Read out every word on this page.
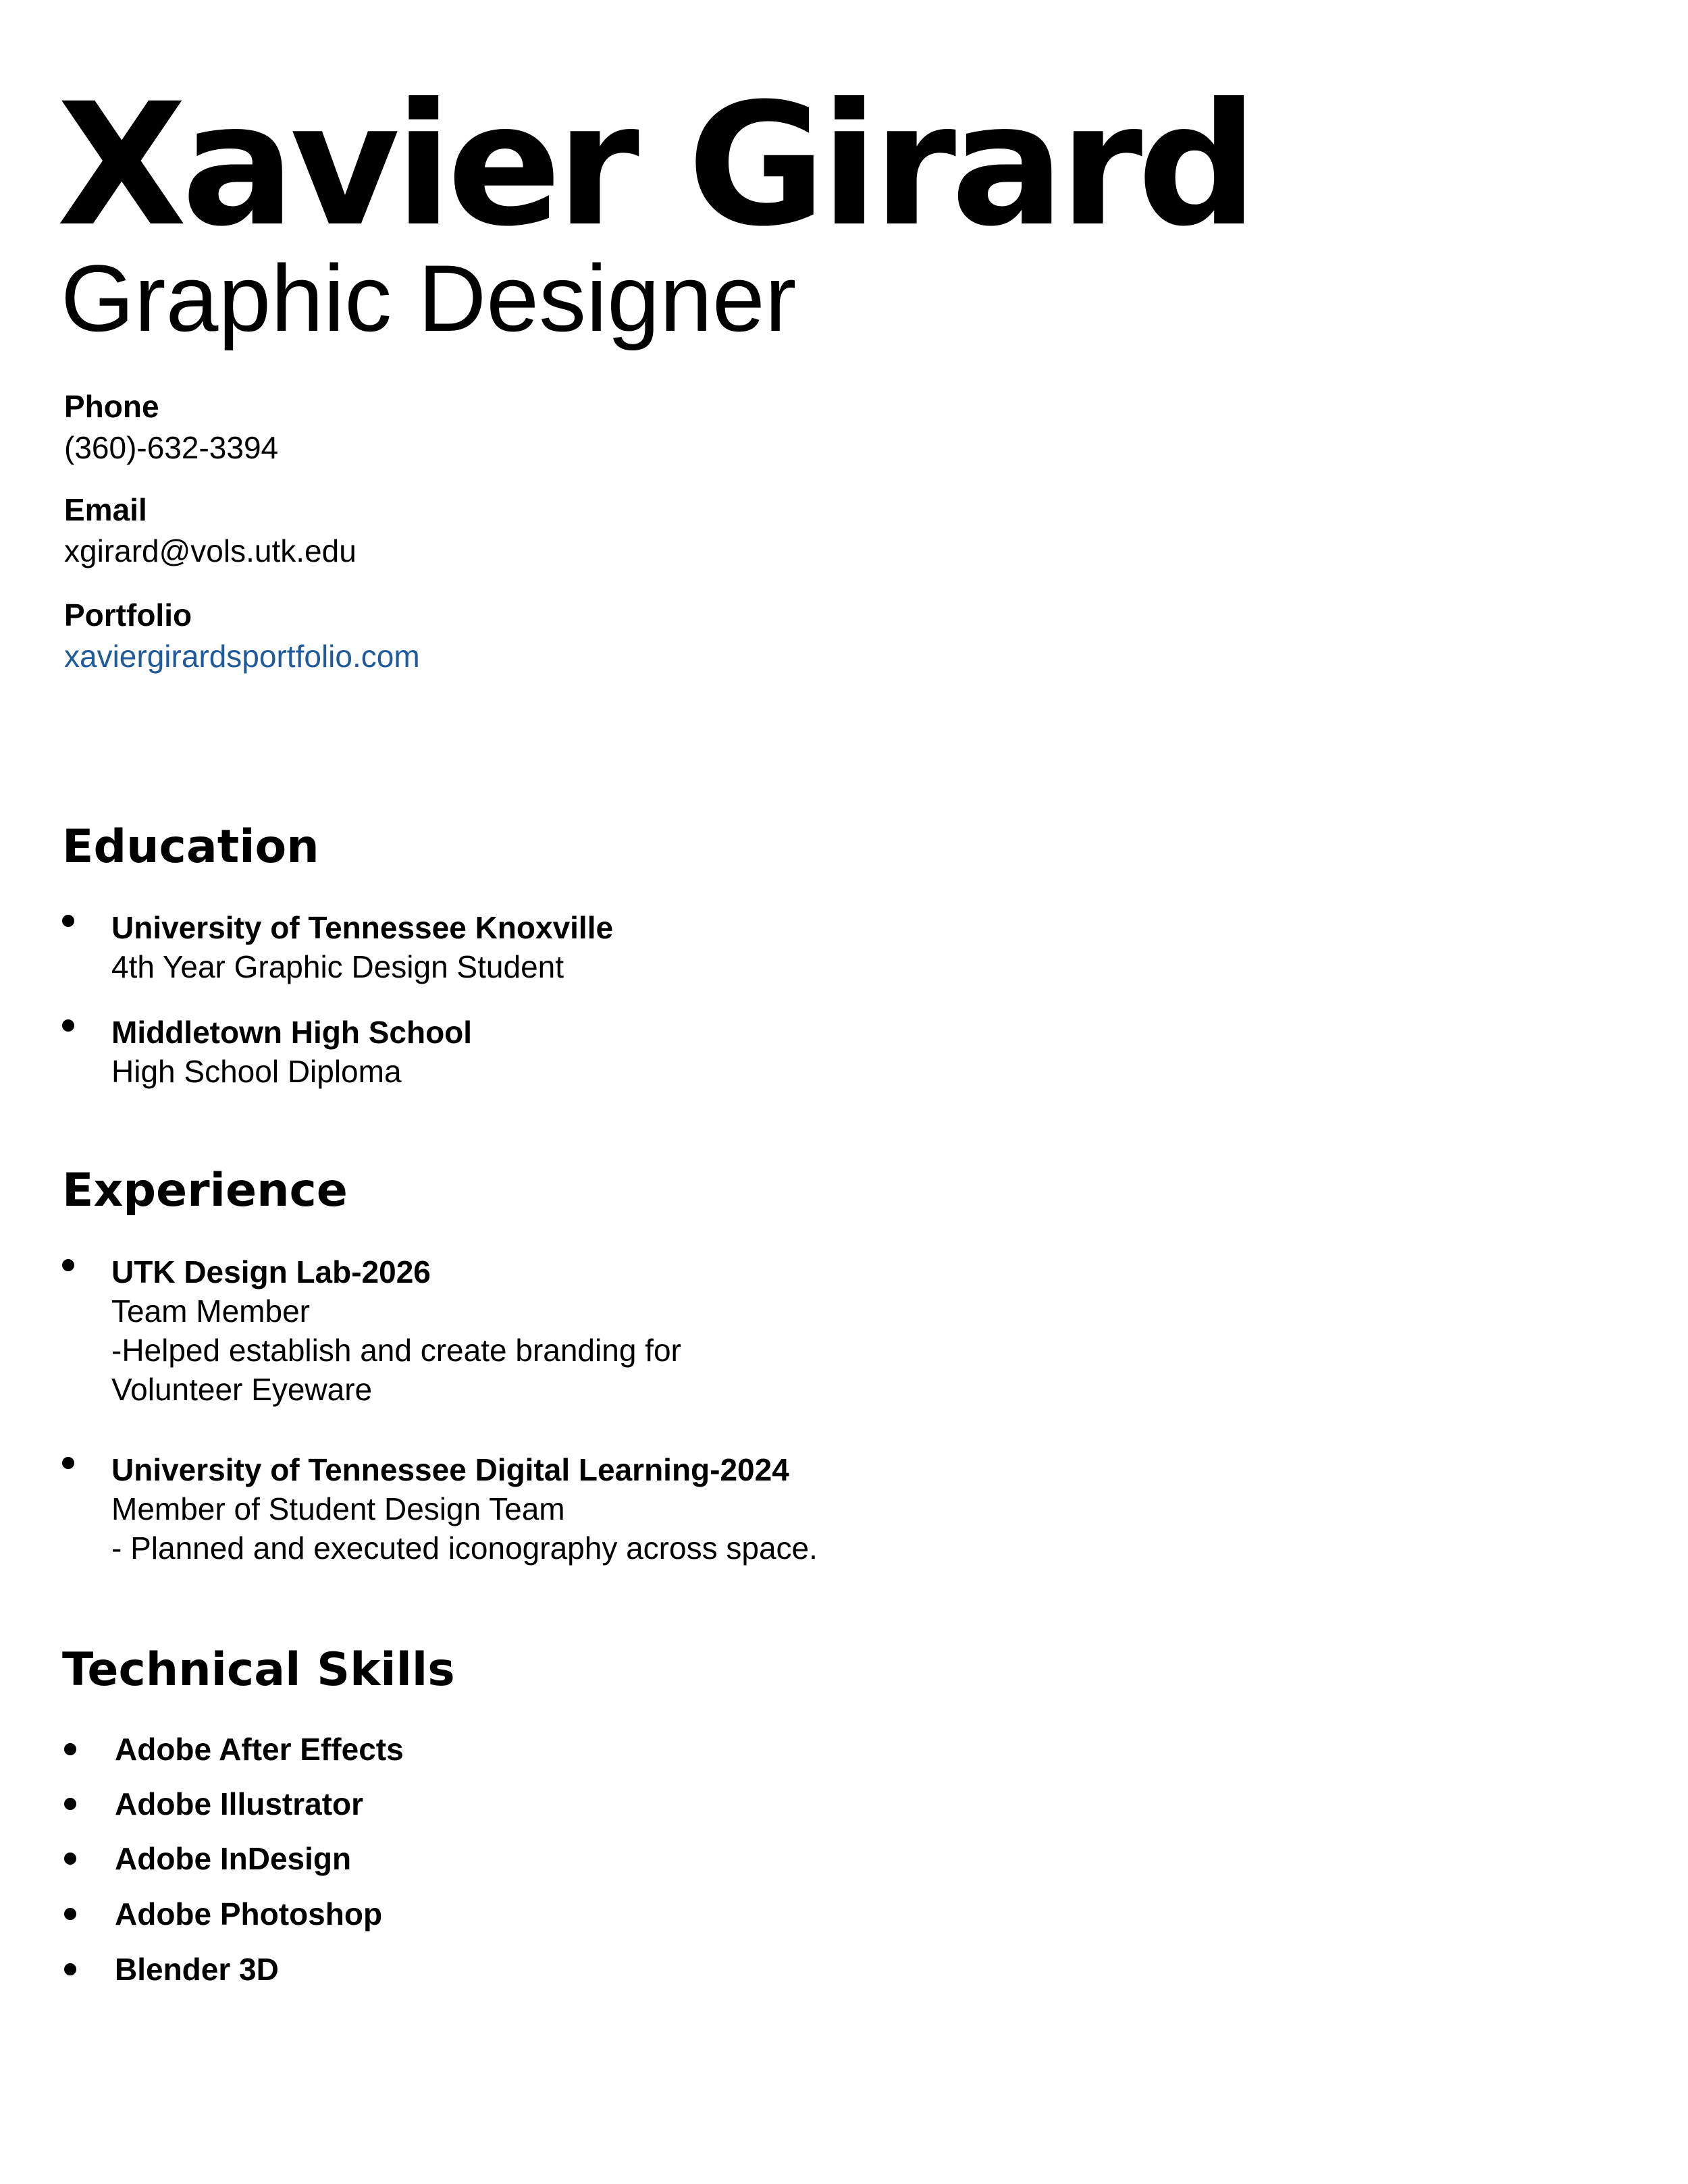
Xavier Girard
Graphic Designer
Phone
(360)-632-3394
Email
xgirard@vols.utk.edu
Portfolio
xaviergirardsportfolio.com
Education
University of Tennessee Knoxville
4th Year Graphic Design Student
Middletown High School
High School Diploma
Experience
UTK Design Lab-2026
Team Member
-Helped establish and create branding for
Volunteer Eyeware
University of Tennessee Digital Learning-2024
Member of Student Design Team
- Planned and executed iconography across space.
Technical Skills
Adobe After Effects
Adobe Illustrator
Adobe InDesign
Adobe Photoshop
Blender 3D
